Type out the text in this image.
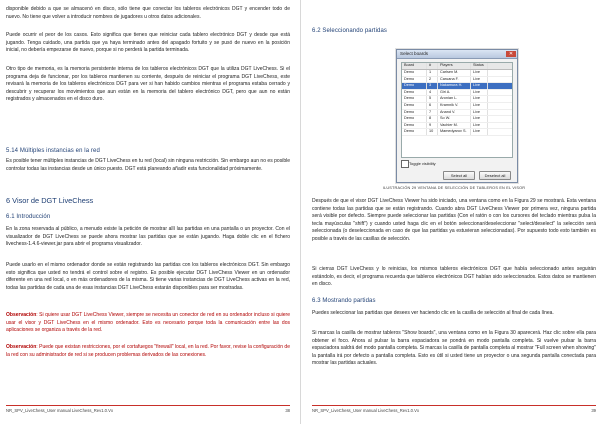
disponible debido a que se almacenó en disco, sólo tiene que conectar los tableros electrónicos DGT y encender todo de nuevo. No tiene que volver a introducir nombres de jugadores u otros datos adicionales.

Puede ocurrir el peor de los casos. Esto significa que tienes que reiniciar cada tablero electrónico DGT y desde que está jugando. Tenga cuidado, una partida que ya haya terminado antes del apagado fortuito y se pusó de nuevo en la posición inicial, no debería empezarse de nuevo, porque si no perderá la partida terminada.

Otro tipo de memoria, es la memoria persistente interna de los tableros electrónicos DGT que la utiliza DGT LiveChess. Si el programa deja de funcionar, por los tableros mantienen su corriente, después de reiniciar el programa DGT LiveChess, este revisará la memoria de los tableros electrónicos DGT para ver si han habido cambios mientras el programa estaba cerrado y descubrir y recuperar los movimientos que aun están en la memoria del tablero electrónico DGT, pero que aun no están registrados y almacenados en el disco duro.

5.14 Múltiples instancias en la red

Es posible tener múltiples instancias de DGT LiveChess en tu red (local) sin ninguna restricción. Sin embargo aun no es posible controlar todas las instancias desde un único puesto. DGT está planeando añadir esta funcionalidad próximamente.

6 Visor de DGT LiveChess
6.1 Introducción

En la zona reservada al público, a menudo existe la petición de mostrar allí las partidas en una pantalla o un proyector. Con el visualizador de DGT LiveChess se puede ahora mostrar las partidas que se están jugando. Haga doble clic en el fichero livechess-1.4.6-viewer.jar para abrir el programa visualizador.

Puede usarlo en el mismo ordenador donde se están registrando las partidas con los tableros electrónicos DGT. Sin embargo esto significa que usted no tendrá el control sobre el registro. Es posible ejecutar DGT LiveChess Viewer en un ordenador diferente en una red local, o en más ordenadores de la misma. Si tiene varias instancias de DGT LiveChess activas en la red, todas las partidas de cada una de esas instancias DGT LiveChess estarán disponibles para ser mostradas.

Observación: Si quiere usar DGT LiveChess Viewer, siempre se necesita un conector de red en su ordenador incluso si quiere usar el visor y DGT LiveChess en el mismo ordenador. Esto es necesario porque toda la comunicación entre las dos aplicaciones se organiza a través de la red.

Observación: Puede que existan restricciones, por el cortafuegos "firewall" local, en la red. Por favor, revise la configuración de la red con su administrador de red si se producen problemas derivados de las conexiones.

NR_SPV_LiveChess_User manual LiveChess_Rev1.0.Vx	38
6.2 Seleccionando partidas
Select boards	✕
Board	#	Players	Status
Demo	1	Carlsen M.	Live
Demo	2	Caruana F.	Live
Demo	3	Nakamura H.	Live
Demo	4	Giri A.	Live
Demo	5	Aronian L.	Live
Demo	6	Kramnik V.	Live
Demo	7	Anand V.	Live
Demo	8	So W.	Live
Demo	9	Vachier M.	Live
Demo	10	Mamedyarov S.	Live
Toggle visibility
Select all	Deselect all
ILUSTRACIÓN 29 VENTANA DE SELECCIÓN DE TABLEROS EN EL VISOR

Después de que el visor DGT LiveChess Viewer ha sido iniciado, una ventana como en la Figura 29 se mostrará. Esta ventana contiene todas las partidas que se están registrando. Cuando abra DGT LiveChess Viewer por primera vez, ninguna partida será visible por defecto. Siempre puede seleccionar las partidas (Con el ratón o con los cursores del teclado mientras pulsa la tecla mayúsculas "shift") y cuando usted haga clic en el botón seleccionar/deseleccionar "select/deselect" la selección será seleccionada (o deseleccionada en caso de que las partidas ya estuvieran seleccionadas). Por supuesto todo esto también es posible a través de las casillas de selección.

Si cierras DGT LiveChess y lo reinicias, los mismos tableros electrónicos DGT que había seleccionado antes seguirán estándolo, es decir, el programa recuerda que tableros electrónicos DGT habían sido seleccionados. Estos datos se mantienen en disco.

6.3 Mostrando partidas

Puedes seleccionar las partidas que desees ver haciendo clic en la casilla de selección al final de cada línea.

Si marcas la casilla de mostrar tableros "Show boards", una ventana como en la Figura 30 aparecerá. Haz clic sobre ella para obtener el foco. Ahora al pulsar la barra espaciadora se pondrá en modo pantalla completa. Si vuelve pulsar la barra espaciadora saldrá del modo pantalla completa. Si marcas la casilla de pantalla completa al mostrar "Full screen when showing" la pantalla irá por defecto a pantalla completa. Esto es útil si usted tiene un proyector o una segunda pantalla conectada para mostrar las partidas actuales.

NR_SPV_LiveChess_User manual LiveChess_Rev1.0.Vx	39
